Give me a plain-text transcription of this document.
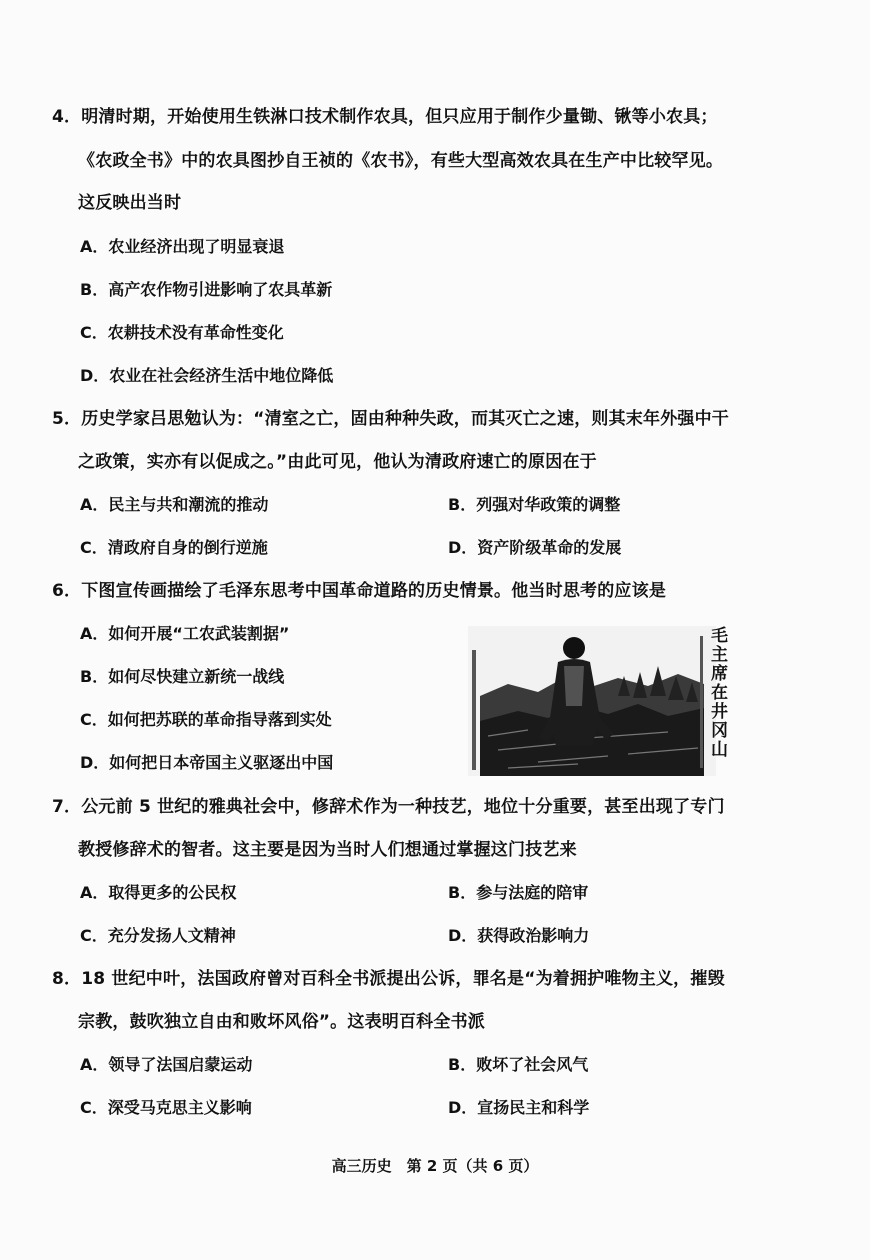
4．明清时期，开始使用生铁淋口技术制作农具，但只应用于制作少量锄、锹等小农具；
《农政全书》中的农具图抄自王祯的《农书》，有些大型高效农具在生产中比较罕见。
这反映出当时
A．农业经济出现了明显衰退
B．高产农作物引进影响了农具革新
C．农耕技术没有革命性变化
D．农业在社会经济生活中地位降低
5．历史学家吕思勉认为：“清室之亡，固由种种失政，而其灭亡之速，则其末年外强中干
之政策，实亦有以促成之。”由此可见，他认为清政府速亡的原因在于
A．民主与共和潮流的推动	B．列强对华政策的调整
C．清政府自身的倒行逆施	D．资产阶级革命的发展
6．下图宣传画描绘了毛泽东思考中国革命道路的历史情景。他当时思考的应该是
A．如何开展“工农武装割据”
B．如何尽快建立新统一战线
C．如何把苏联的革命指导落到实处
D．如何把日本帝国主义驱逐出中国
毛主席在井冈山
7．公元前 5 世纪的雅典社会中，修辞术作为一种技艺，地位十分重要，甚至出现了专门
教授修辞术的智者。这主要是因为当时人们想通过掌握这门技艺来
A．取得更多的公民权	B．参与法庭的陪审
C．充分发扬人文精神	D．获得政治影响力
8．18 世纪中叶，法国政府曾对百科全书派提出公诉，罪名是“为着拥护唯物主义，摧毁
宗教，鼓吹独立自由和败坏风俗”。这表明百科全书派
A．领导了法国启蒙运动	B．败坏了社会风气
C．深受马克思主义影响	D．宣扬民主和科学
高三历史　第 2 页（共 6 页）
